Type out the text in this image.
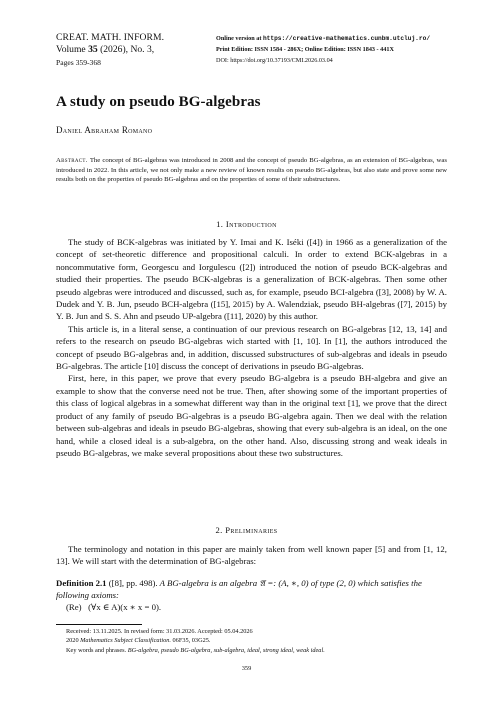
CREAT. MATH. INFORM.
Volume 35 (2026), No. 3,
Pages 359-368
Online version at https://creative-mathematics.cunbm.utcluj.ro/
Print Edition: ISSN 1584 - 286X; Online Edition: ISSN 1843 - 441X
DOI: https://doi.org/10.37193/CMI.2026.03.04
A study on pseudo BG-algebras
Daniel Abraham Romano
Abstract. The concept of BG-algebras was introduced in 2008 and the concept of pseudo BG-algebras, as an extension of BG-algebras, was introduced in 2022. In this article, we not only make a new review of known results on pseudo BG-algebras, but also state and prove some new results both on the properties of pseudo BG-algebras and on the properties of some of their substructures.
1. Introduction

The study of BCK-algebras was initiated by Y. Imai and K. Iséki ([4]) in 1966 as a generalization of the concept of set-theoretic difference and propositional calculi. In order to extend BCK-algebras in a noncommutative form, Georgescu and Iorgulescu ([2]) introduced the notion of pseudo BCK-algebras and studied their properties. The pseudo BCK-algebras is a generalization of BCK-algebras. Then some other pseudo algebras were introduced and discussed, such as, for example, pseudo BCI-algebra ([3], 2008) by W. A. Dudek and Y. B. Jun, pseudo BCH-algebra ([15], 2015) by A. Walendziak, pseudo BH-algebras ([7], 2015) by Y. B. Jun and S. S. Ahn and pseudo UP-algebra ([11], 2020) by this author.

This article is, in a literal sense, a continuation of our previous research on BG-algebras [12, 13, 14] and refers to the research on pseudo BG-algebras wich started with [1, 10]. In [1], the authors introduced the concept of pseudo BG-algebras and, in addition, discussed substructures of sub-algebras and ideals in pseudo BG-algebras. The article [10] discuss the concept of derivations in pseudo BG-algebras.

First, here, in this paper, we prove that every pseudo BG-algebra is a pseudo BH-algebra and give an example to show that the converse need not be true. Then, after showing some of the important properties of this class of logical algebras in a somewhat different way than in the original text [1], we prove that the direct product of any family of pseudo BG-algebras is a pseudo BG-algebra again. Then we deal with the relation between sub-algebras and ideals in pseudo BG-algebras, showing that every sub-algebra is an ideal, on the one hand, while a closed ideal is a sub-algebra, on the other hand. Also, discussing strong and weak ideals in pseudo BG-algebras, we make several propositions about these two substructures.

2. Preliminaries

The terminology and notation in this paper are mainly taken from well known paper [5] and from [1, 12, 13]. We will start with the determination of BG-algebras:

Definition 2.1 ([8], pp. 498). A BG-algebra is an algebra 𝔄 =: (A, ∗, 0) of type (2, 0) which satisfies the following axioms:
(Re) (∀x ∈ A)(x ∗ x = 0).
Received: 13.11.2025. In revised form: 31.03.2026. Accepted: 05.04.2026
2020 Mathematics Subject Classification. 06F35, 03G25.
Key words and phrases. BG-algebra, pseudo BG-algebra, sub-algebra, ideal, strong ideal, weak ideal.
359
